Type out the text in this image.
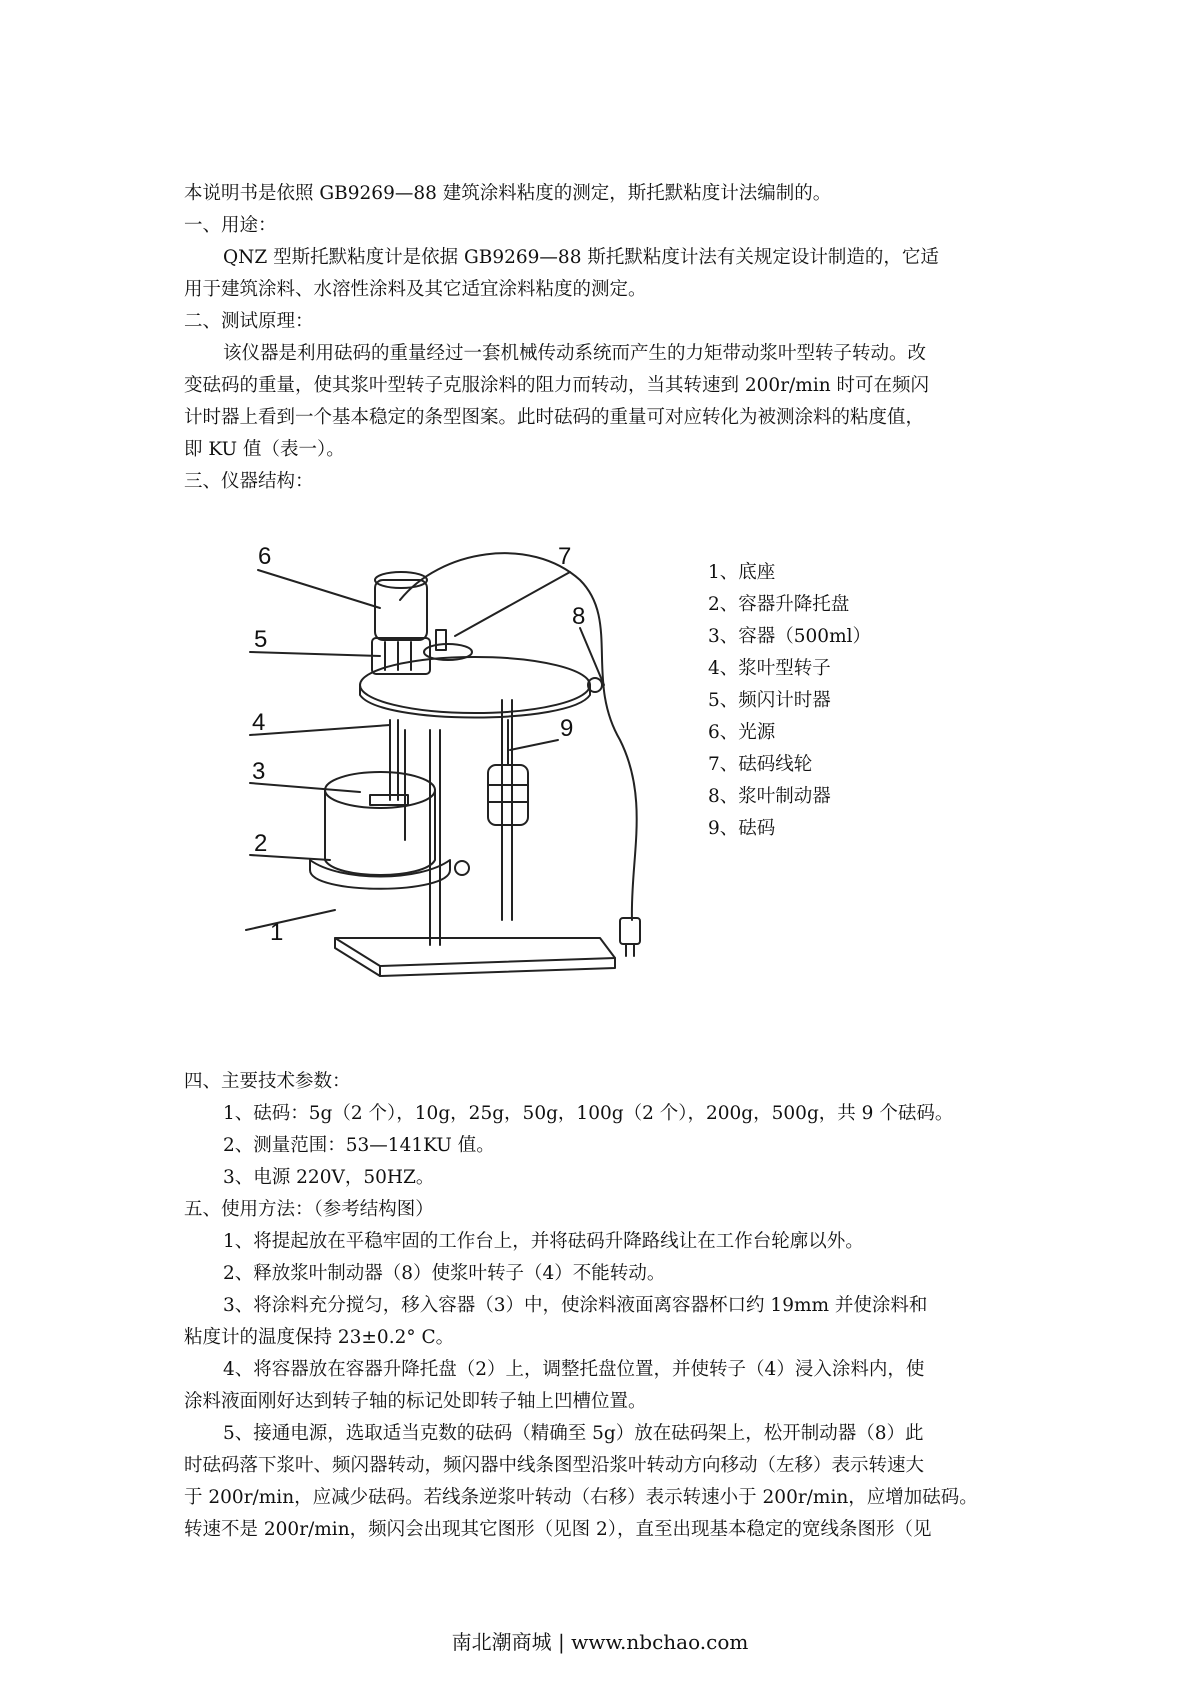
本说明书是依照 GB9269—88 建筑涂料粘度的测定，斯托默粘度计法编制的。
一、用途：
QNZ 型斯托默粘度计是依据 GB9269—88 斯托默粘度计法有关规定设计制造的，它适
用于建筑涂料、水溶性涂料及其它适宜涂料粘度的测定。
二、测试原理：
该仪器是利用砝码的重量经过一套机械传动系统而产生的力矩带动浆叶型转子转动。改
变砝码的重量，使其浆叶型转子克服涂料的阻力而转动，当其转速到 200r/min 时可在频闪
计时器上看到一个基本稳定的条型图案。此时砝码的重量可对应转化为被测涂料的粘度值，
即 KU 值（表一）。
三、仪器结构：
6
5
4
3
2
1
7
8
9
1、底座
2、容器升降托盘
3、容器（500ml）
4、浆叶型转子
5、频闪计时器
6、光源
7、砝码线轮
8、浆叶制动器
9、砝码
四、主要技术参数：
1、砝码：5g（2 个），10g，25g，50g，100g（2 个），200g，500g，共 9 个砝码。
2、测量范围：53—141KU 值。
3、电源 220V，50HZ。
五、使用方法：（参考结构图）
1、将提起放在平稳牢固的工作台上，并将砝码升降路线让在工作台轮廓以外。
2、释放浆叶制动器（8）使浆叶转子（4）不能转动。
3、将涂料充分搅匀，移入容器（3）中，使涂料液面离容器杯口约 19mm 并使涂料和
粘度计的温度保持 23±0.2° C。
4、将容器放在容器升降托盘（2）上，调整托盘位置，并使转子（4）浸入涂料内，使
涂料液面刚好达到转子轴的标记处即转子轴上凹槽位置。
5、接通电源，选取适当克数的砝码（精确至 5g）放在砝码架上，松开制动器（8）此
时砝码落下浆叶、频闪器转动，频闪器中线条图型沿浆叶转动方向移动（左移）表示转速大
于 200r/min，应减少砝码。若线条逆浆叶转动（右移）表示转速小于 200r/min，应增加砝码。
转速不是 200r/min，频闪会出现其它图形（见图 2），直至出现基本稳定的宽线条图形（见
南北潮商城 | www.nbchao.com
